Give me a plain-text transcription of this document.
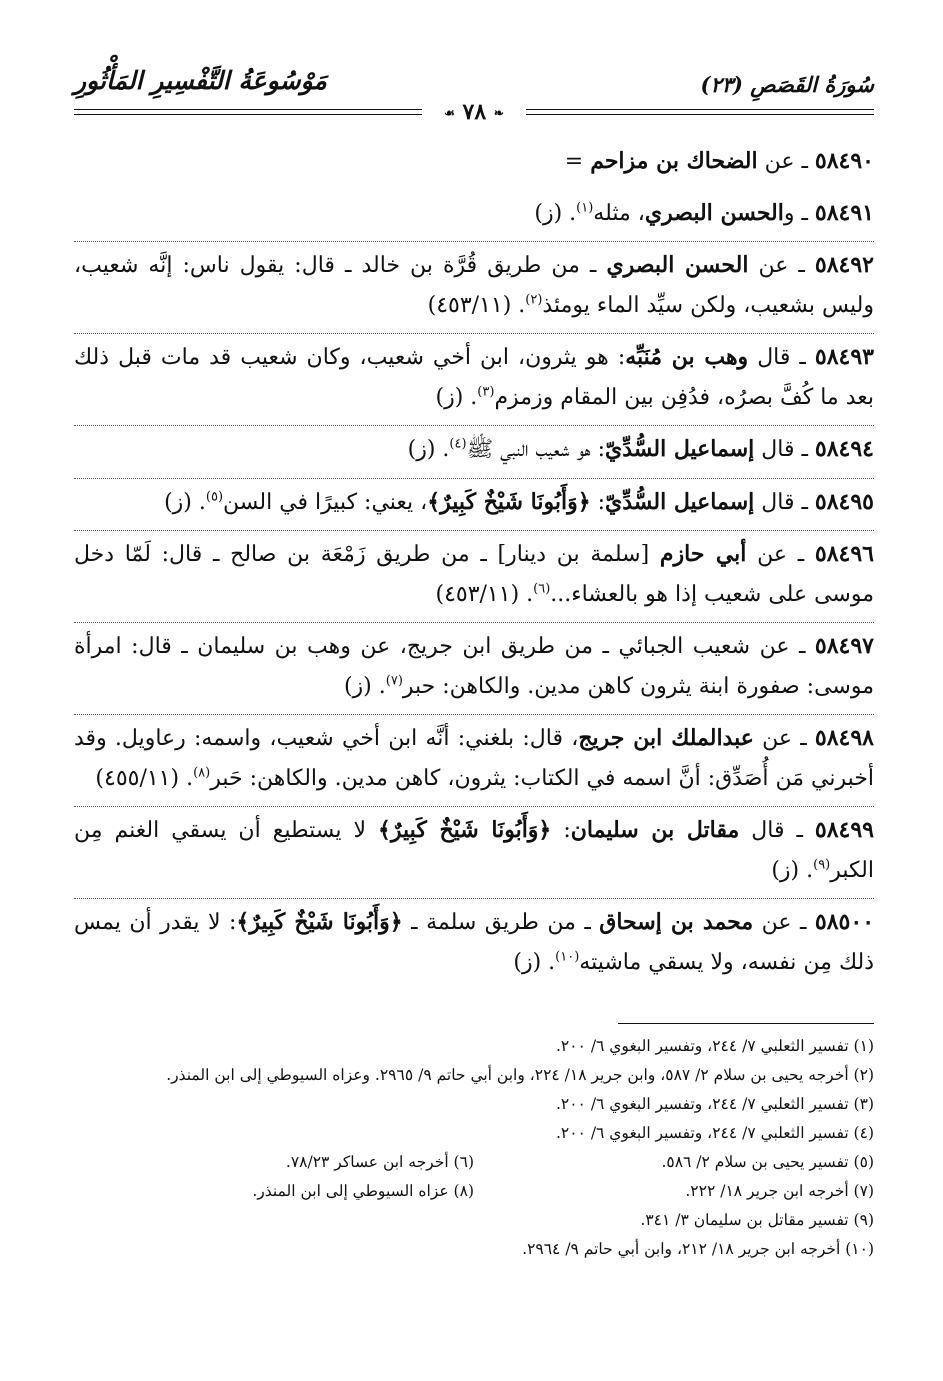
سُورَةُ القَصَصِ (٢٣)
مَوْسُوعَةُ التَّفْسِيرِ المَأْثُورِ
❧ ٧٨ ☙
٥٨٤٩٠ ـ عن الضحاك بن مزاحم =
٥٨٤٩١ ـ والحسن البصري، مثله$^{(١)}$. (ز)
٥٨٤٩٢ ـ عن الحسن البصري ـ من طريق قُرَّة بن خالد ـ قال: يقول ناس: إنَّه شعيب، وليس بشعيب، ولكن سيِّد الماء يومئذ$^{(٢)}$. (٤٥٣/١١)
٥٨٤٩٣ ـ قال وهب بن مُنَبِّه: هو يثرون، ابن أخي شعيب، وكان شعيب قد مات قبل ذلك بعد ما كُفَّ بصرُه، فدُفِن بين المقام وزمزم$^{(٣)}$. (ز)
٥٨٤٩٤ ـ قال إسماعيل السُّدِّيّ: هو شعيب النبي ﷺ$^{(٤)}$. (ز)
٥٨٤٩٥ ـ قال إسماعيل السُّدِّيّ: ﴿وَأَبُونَا شَيْخٌ كَبِيرٌ﴾، يعني: كبيرًا في السن$^{(٥)}$. (ز)
٥٨٤٩٦ ـ عن أبي حازم [سلمة بن دينار] ـ من طريق زَمْعَة بن صالح ـ قال: لَمّا دخل موسى على شعيب إذا هو بالعشاء...$^{(٦)}$. (٤٥٣/١١)
٥٨٤٩٧ ـ عن شعيب الجبائي ـ من طريق ابن جريج، عن وهب بن سليمان ـ قال: امرأة موسى: صفورة ابنة يثرون كاهن مدين. والكاهن: حبر$^{(٧)}$. (ز)
٥٨٤٩٨ ـ عن عبدالملك ابن جريج، قال: بلغني: أنَّه ابن أخي شعيب، واسمه: رعاويل. وقد أخبرني مَن أُصَدِّق: أنَّ اسمه في الكتاب: يثرون، كاهن مدين. والكاهن: حَبر$^{(٨)}$. (٤٥٥/١١)
٥٨٤٩٩ ـ قال مقاتل بن سليمان: ﴿وَأَبُونَا شَيْخٌ كَبِيرٌ﴾ لا يستطيع أن يسقي الغنم مِن الكبر$^{(٩)}$. (ز)
٥٨٥٠٠ ـ عن محمد بن إسحاق ـ من طريق سلمة ـ ﴿وَأَبُونَا شَيْخٌ كَبِيرٌ﴾: لا يقدر أن يمس ذلك مِن نفسه، ولا يسقي ماشيته$^{(١٠)}$. (ز)
(١) تفسير الثعلبي ٧/ ٢٤٤، وتفسير البغوي ٦/ ٢٠٠.
(٢) أخرجه يحيى بن سلام ٢/ ٥٨٧، وابن جرير ١٨/ ٢٢٤، وابن أبي حاتم ٩/ ٢٩٦٥. وعزاه السيوطي إلى ابن المنذر.
(٣) تفسير الثعلبي ٧/ ٢٤٤، وتفسير البغوي ٦/ ٢٠٠.
(٤) تفسير الثعلبي ٧/ ٢٤٤، وتفسير البغوي ٦/ ٢٠٠.
(٥) تفسير يحيى بن سلام ٢/ ٥٨٦.
(٦) أخرجه ابن عساكر ٧٨/٢٣.
(٧) أخرجه ابن جرير ١٨/ ٢٢٢.
(٨) عزاه السيوطي إلى ابن المنذر.
(٩) تفسير مقاتل بن سليمان ٣/ ٣٤١.
(١٠) أخرجه ابن جرير ١٨/ ٢١٢، وابن أبي حاتم ٩/ ٢٩٦٤.
